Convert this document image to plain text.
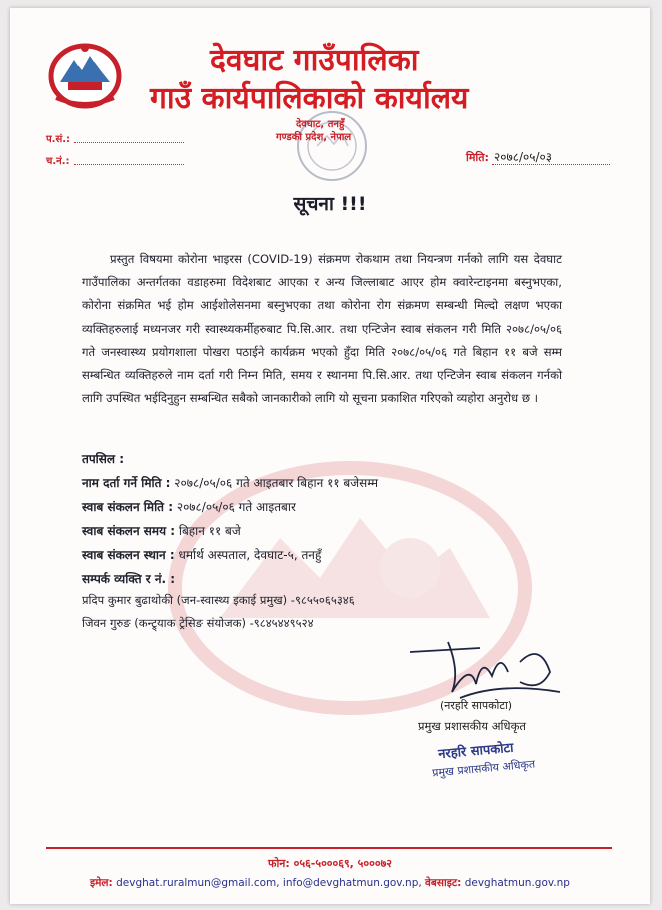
देवघाट गाउँपालिका
गाउँ कार्यपालिकाको कार्यालय
देवघाट, तनहुँ
गण्डकी प्रदेश, नेपाल
प.सं.:
च.नं.:	मिति: २०७८/०५/०३
सूचना !!!
प्रस्तुत विषयमा कोरोना भाइरस (COVID-19) संक्रमण रोकथाम तथा नियन्त्रण गर्नको लागि यस देवघाट गाउँपालिका अन्तर्गतका वडाहरुमा विदेशबाट आएका र अन्य जिल्लाबाट आएर होम क्वारेन्टाइनमा बस्नुभएका, कोरोना संक्रमित भई होम आईशोलेसनमा बस्नुभएका तथा कोरोना रोग संक्रमण सम्बन्धी मिल्दो लक्षण भएका व्यक्तिहरुलाई मध्यनजर गरी स्वास्थ्यकर्मीहरुबाट पि.सि.आर. तथा एन्टिजेन स्वाब संकलन गरी मिति २०७८/०५/०६ गते जनस्वास्थ्य प्रयोगशाला पोखरा पठाईने कार्यक्रम भएको हुँदा मिति २०७८/०५/०६ गते बिहान ११ बजे सम्म सम्बन्धित व्यक्तिहरुले नाम दर्ता गरी निम्न मिति, समय र स्थानमा पि.सि.आर. तथा एन्टिजेन स्वाब संकलन गर्नको लागि उपस्थित भईदिनुहुन सम्बन्धित सबैको जानकारीको लागि यो सूचना प्रकाशित गरिएको व्यहोरा अनुरोध छ ।
तपसिल :
नाम दर्ता गर्ने मिति : २०७८/०५/०६ गते आइतबार बिहान ११ बजेसम्म
स्वाब संकलन मिति : २०७८/०५/०६ गते आइतबार
स्वाब संकलन समय : बिहान ११ बजे
स्वाब संकलन स्थान : धर्मार्थ अस्पताल, देवघाट-५, तनहुँ
सम्पर्क व्यक्ति र नं. :
प्रदिप कुमार बुढाथोकी (जन-स्वास्थ्य इकाई प्रमुख) -९८५५०६५३४६
जिवन गुरुङ (कन्ट्र्याक ट्रेसिङ संयोजक) -९८४५४४९५२४
(नरहरि सापकोटा)
प्रमुख प्रशासकीय अधिकृत
नरहरि सापकोटा
प्रमुख प्रशासकीय अधिकृत
फोन: ०५६-५०००६९, ५०००७२
इमेल: devghat.ruralmun@gmail.com, info@devghatmun.gov.np, वेबसाइट: devghatmun.gov.np
